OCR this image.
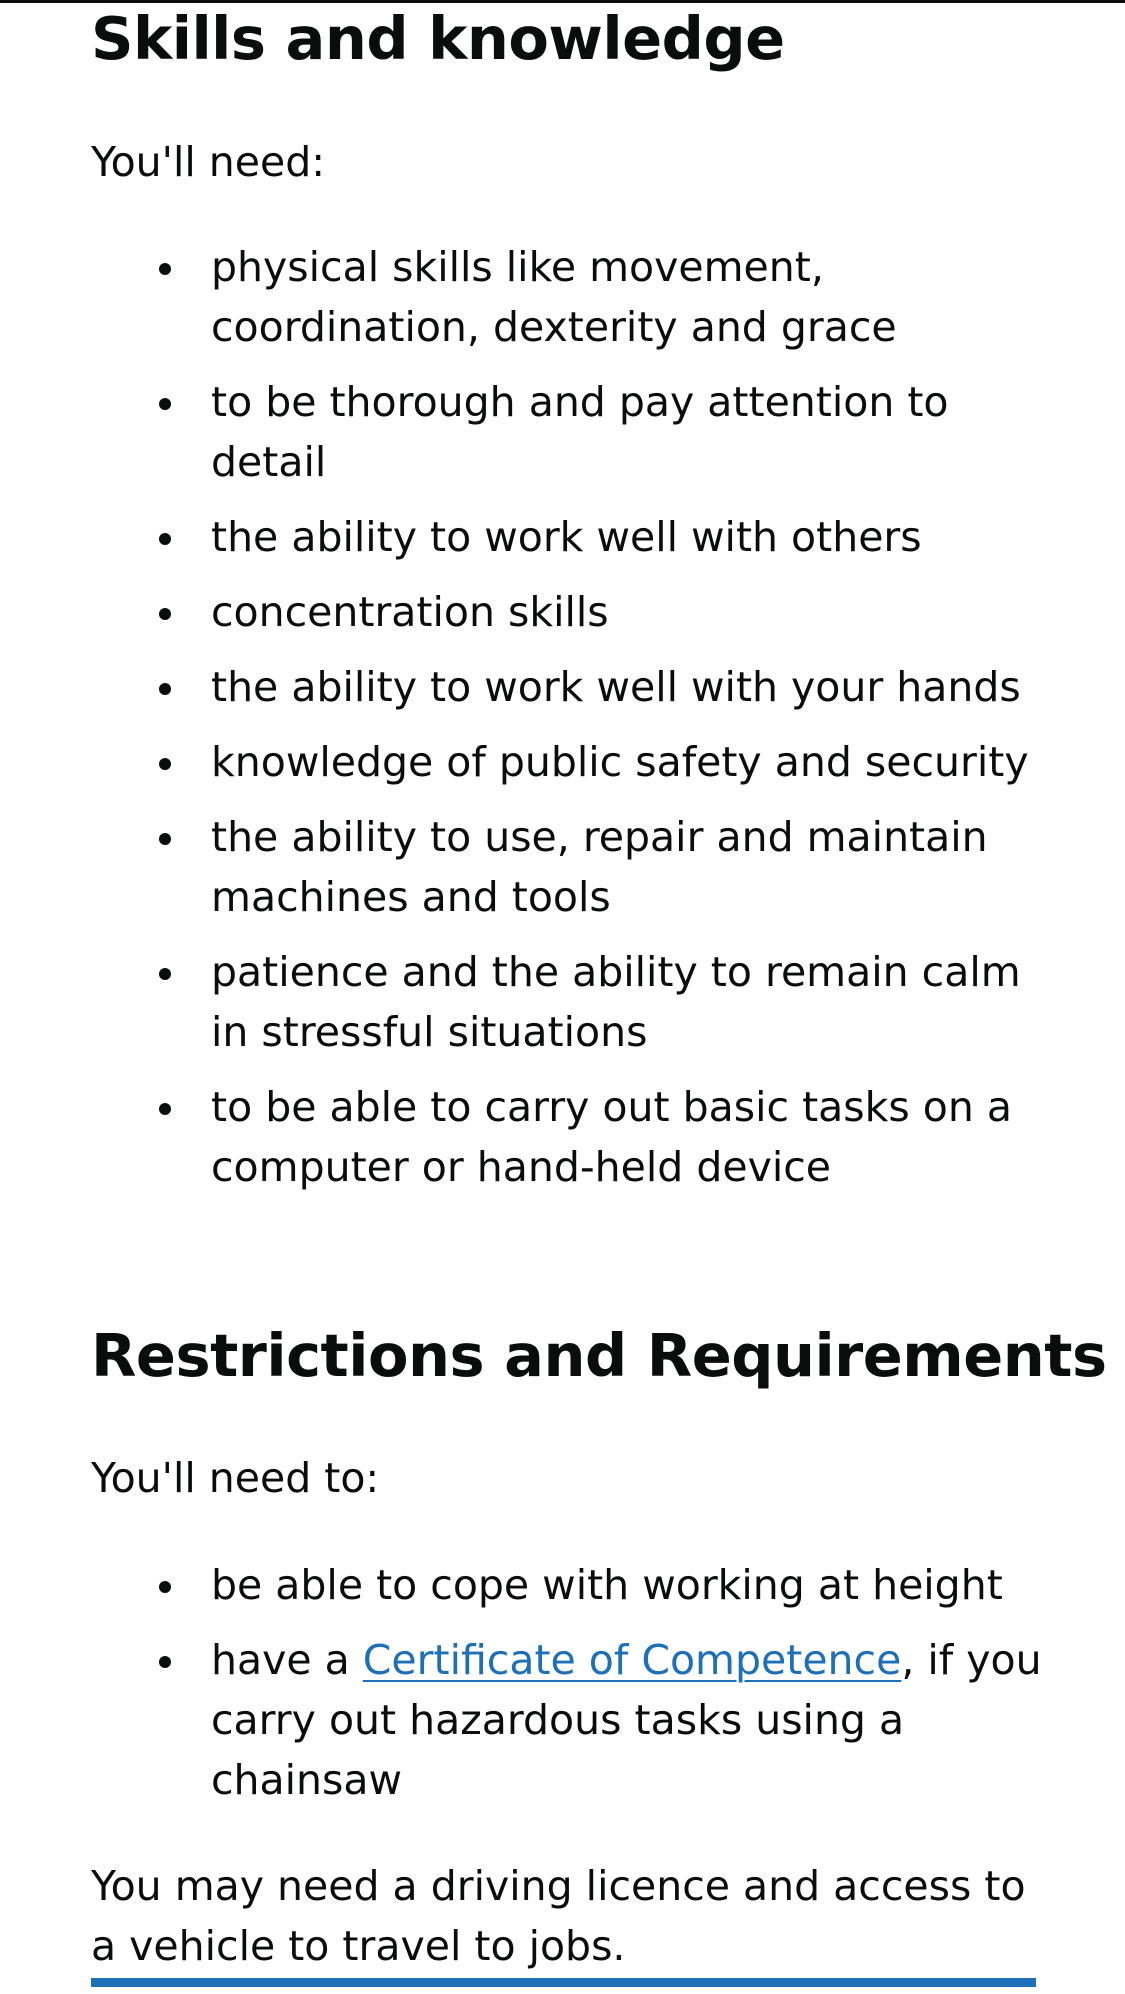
Skills and knowledge

You'll need:

physical skills like movement, coordination, dexterity and grace
to be thorough and pay attention to detail
the ability to work well with others
concentration skills
the ability to work well with your hands
knowledge of public safety and security
the ability to use, repair and maintain machines and tools
patience and the ability to remain calm in stressful situations
to be able to carry out basic tasks on a computer or hand-held device
Restrictions and Requirements

You'll need to:

be able to cope with working at height
have a Certificate of Competence, if you carry out hazardous tasks using a chainsaw

You may need a driving licence and access to a vehicle to travel to jobs.
